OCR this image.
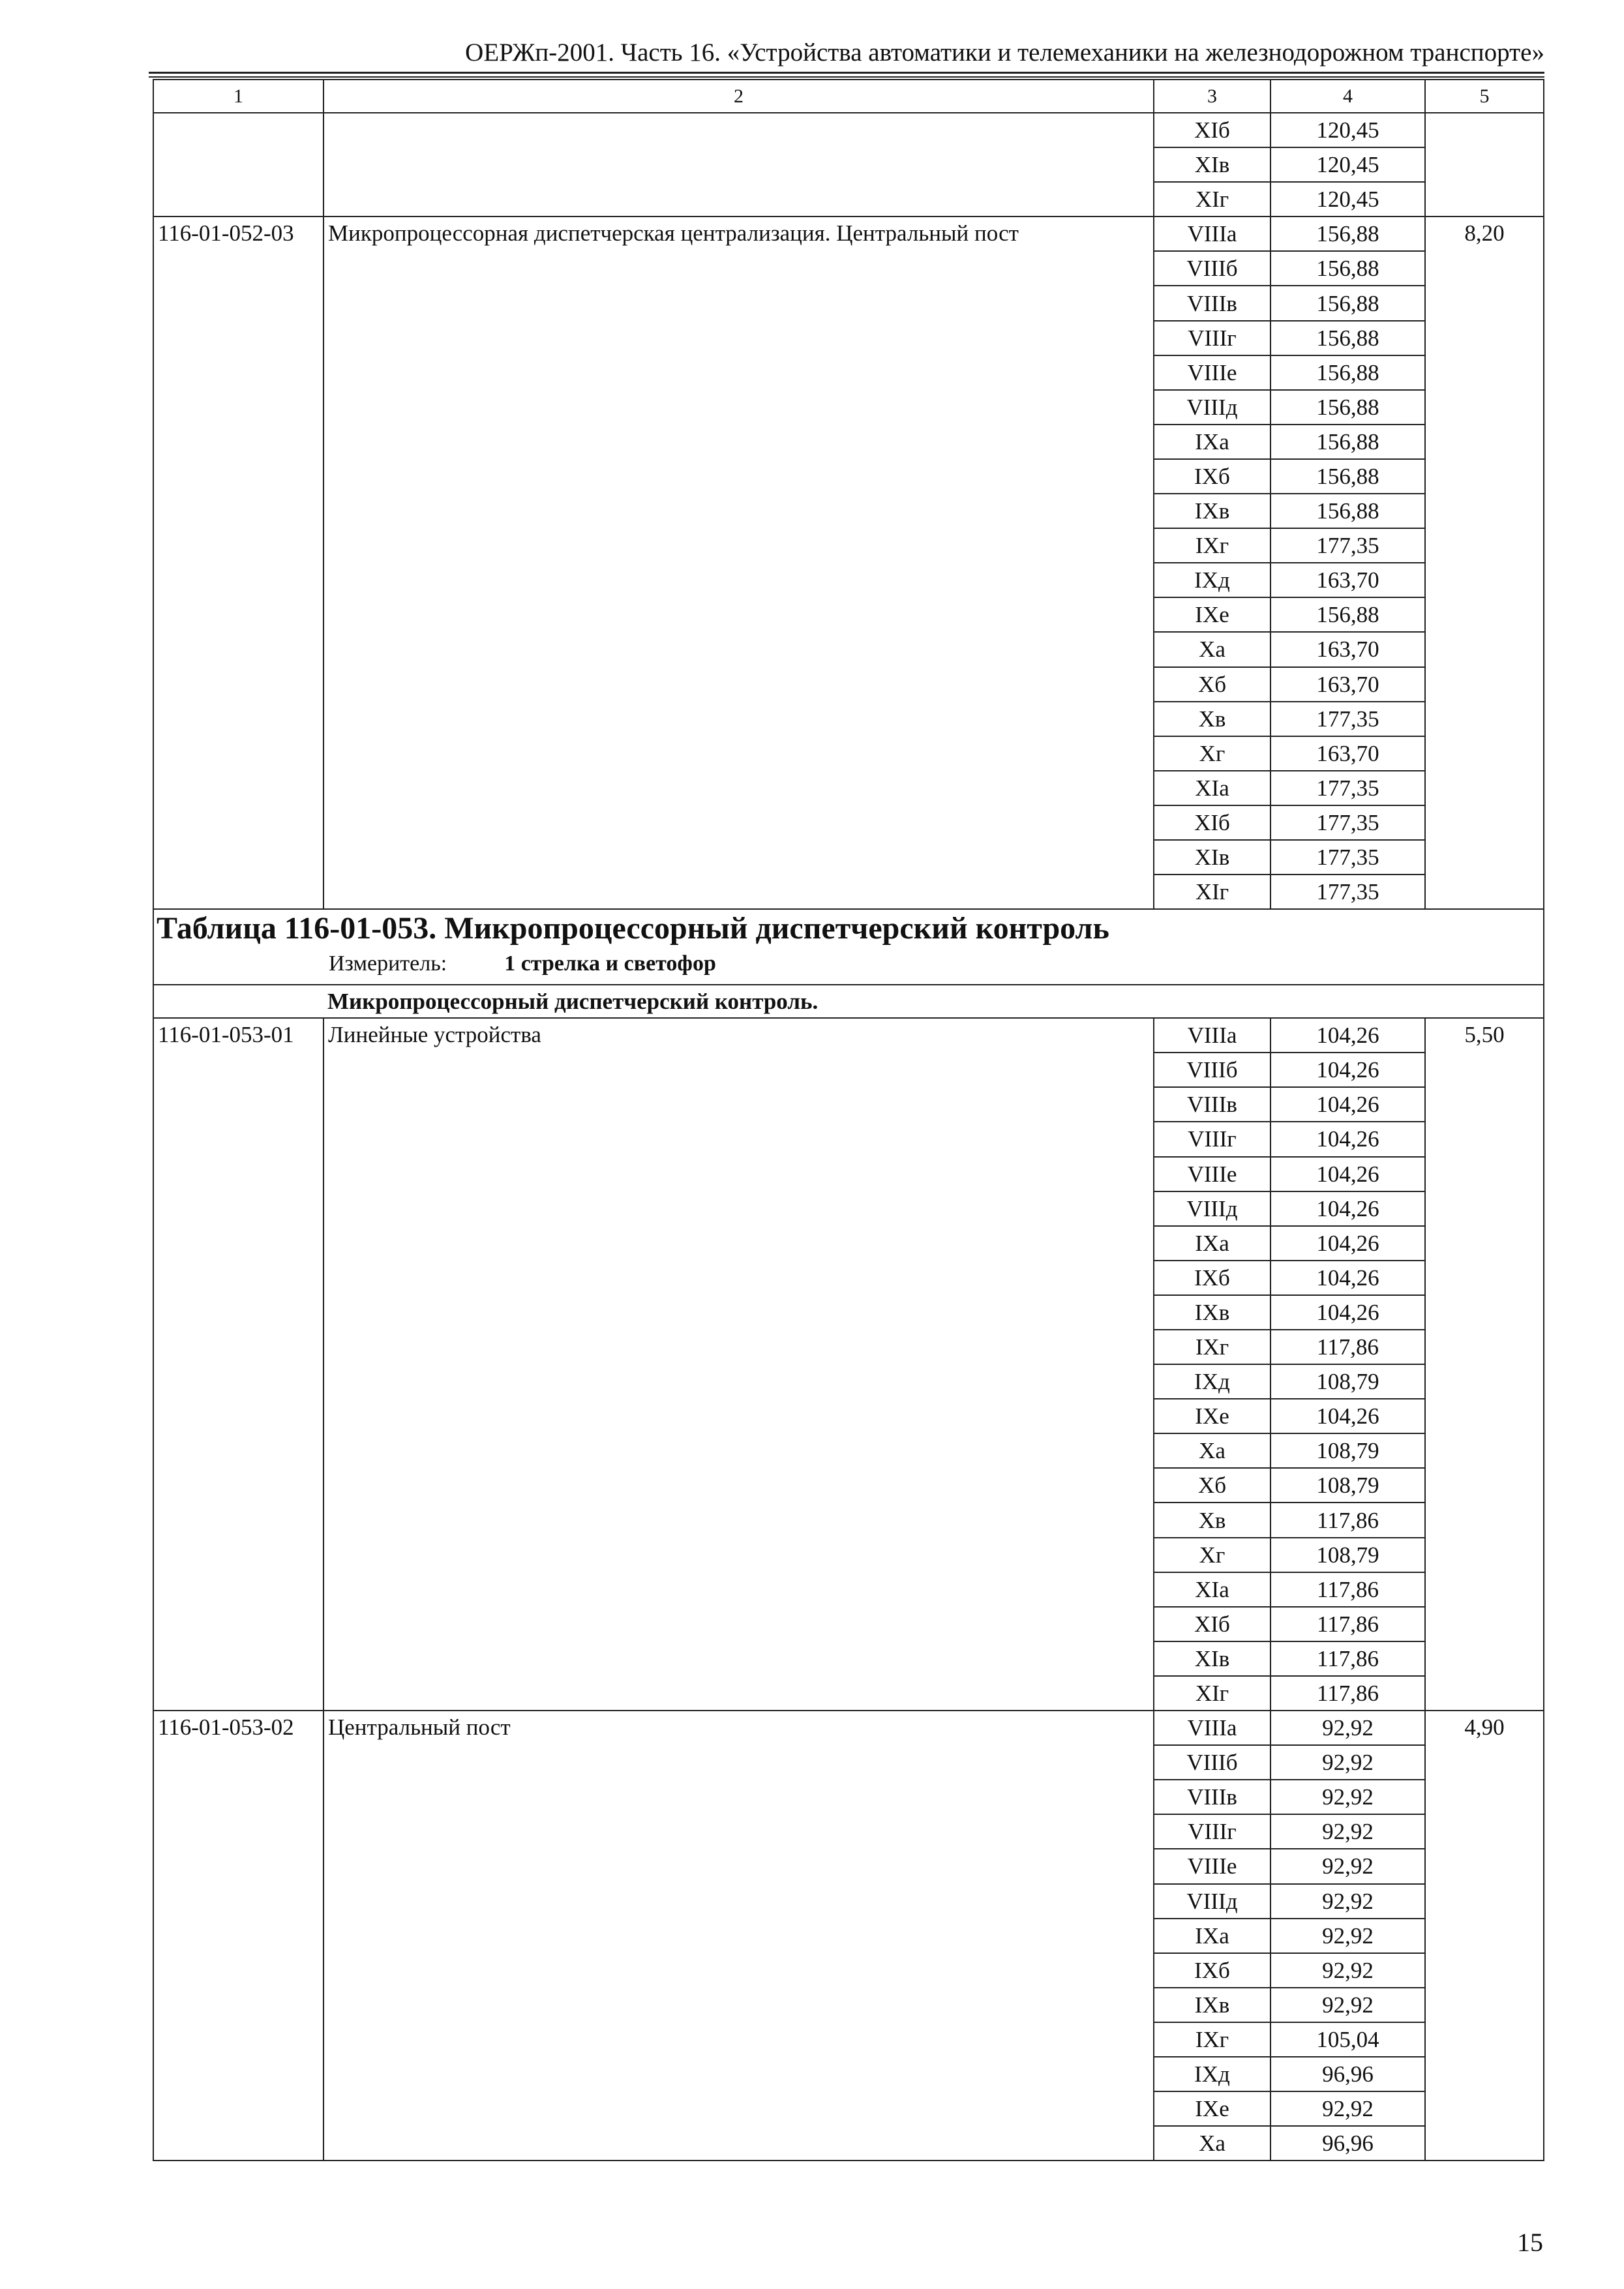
ОЕРЖп-2001. Часть 16. «Устройства автоматики и телемеханики на железнодорожном транспорте»
1	2	3	4	5
		XIб	120,45	
		XIв	120,45	
		XIг	120,45	
116-01-052-03	Микропроцессорная диспетчерская централизация. Центральный пост	VIIIa	156,88	8,20
		VIIIб	156,88	
		VIIIв	156,88	
		VIIIг	156,88	
		VIIIe	156,88	
		VIIIд	156,88	
		IXa	156,88	
		IXб	156,88	
		IXв	156,88	
		IXг	177,35	
		IXд	163,70	
		IXe	156,88	
		Xa	163,70	
		Xб	163,70	
		Xв	177,35	
		Xг	163,70	
		XIa	177,35	
		XIб	177,35	
		XIв	177,35	
		XIг	177,35	

Таблица 116-01-053. Микропроцессорный диспетчерский контроль
Измеритель: 1 стрелка и светофор				

Микропроцессорный диспетчерский контроль.				
116-01-053-01	Линейные устройства	VIIIa	104,26	5,50
		VIIIб	104,26	
		VIIIв	104,26	
		VIIIг	104,26	
		VIIIe	104,26	
		VIIIд	104,26	
		IXa	104,26	
		IXб	104,26	
		IXв	104,26	
		IXг	117,86	
		IXд	108,79	
		IXe	104,26	
		Xa	108,79	
		Xб	108,79	
		Xв	117,86	
		Xг	108,79	
		XIa	117,86	
		XIб	117,86	
		XIв	117,86	
		XIг	117,86	
116-01-053-02	Центральный пост	VIIIa	92,92	4,90
		VIIIб	92,92	
		VIIIв	92,92	
		VIIIг	92,92	
		VIIIe	92,92	
		VIIIд	92,92	
		IXa	92,92	
		IXб	92,92	
		IXв	92,92	
		IXг	105,04	
		IXд	96,96	
		IXe	92,92	
		Xa	96,96	
15
